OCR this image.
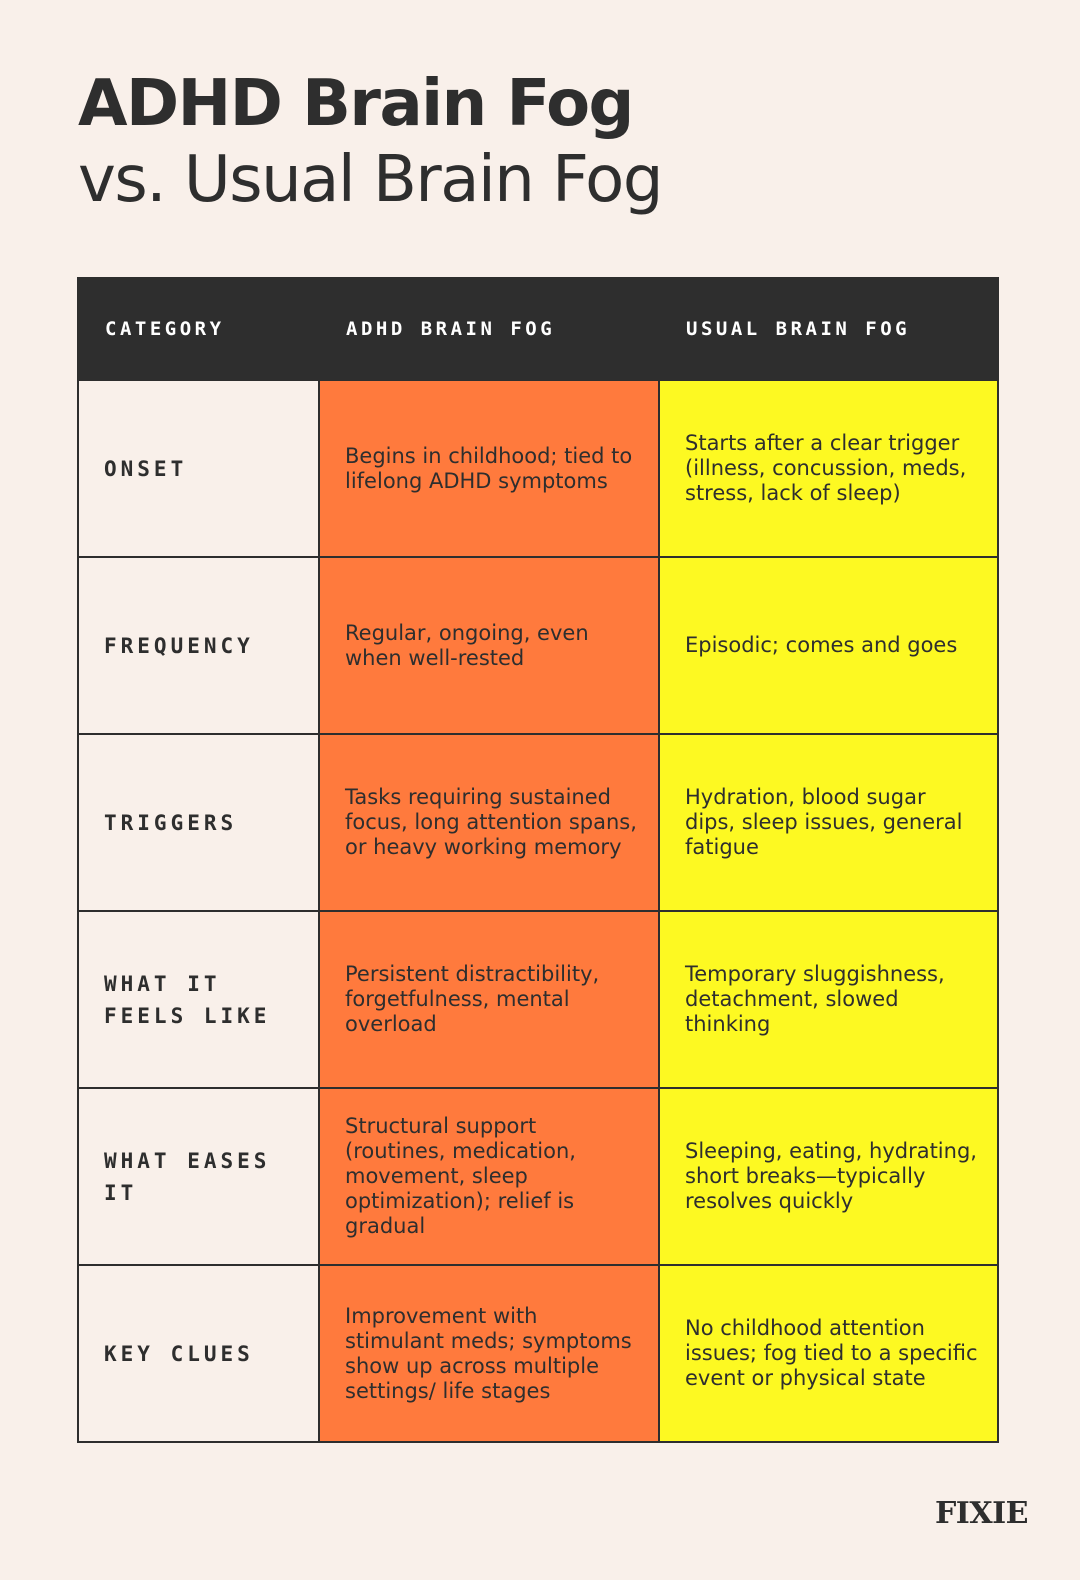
ADHD Brain Fog
vs. Usual Brain Fog
CATEGORY	ADHD BRAIN FOG	USUAL BRAIN FOG
ONSET	Begins in childhood; tied to lifelong ADHD symptoms	Starts after a clear trigger (illness, concussion, meds, stress, lack of sleep)
FREQUENCY	Regular, ongoing, even when well-rested	Episodic; comes and goes
TRIGGERS	Tasks requiring sustained focus, long attention spans, or heavy working memory	Hydration, blood sugar dips, sleep issues, general fatigue
WHAT IT FEELS LIKE	Persistent distractibility, forgetfulness, mental overload	Temporary sluggishness, detachment, slowed thinking
WHAT EASES IT	Structural support (routines, medication, movement, sleep optimization); relief is gradual	Sleeping, eating, hydrating, short breaks—typically resolves quickly
KEY CLUES	Improvement with stimulant meds; symptoms show up across multiple settings/ life stages	No childhood attention issues; fog tied to a specific event or physical state
FIXIE
